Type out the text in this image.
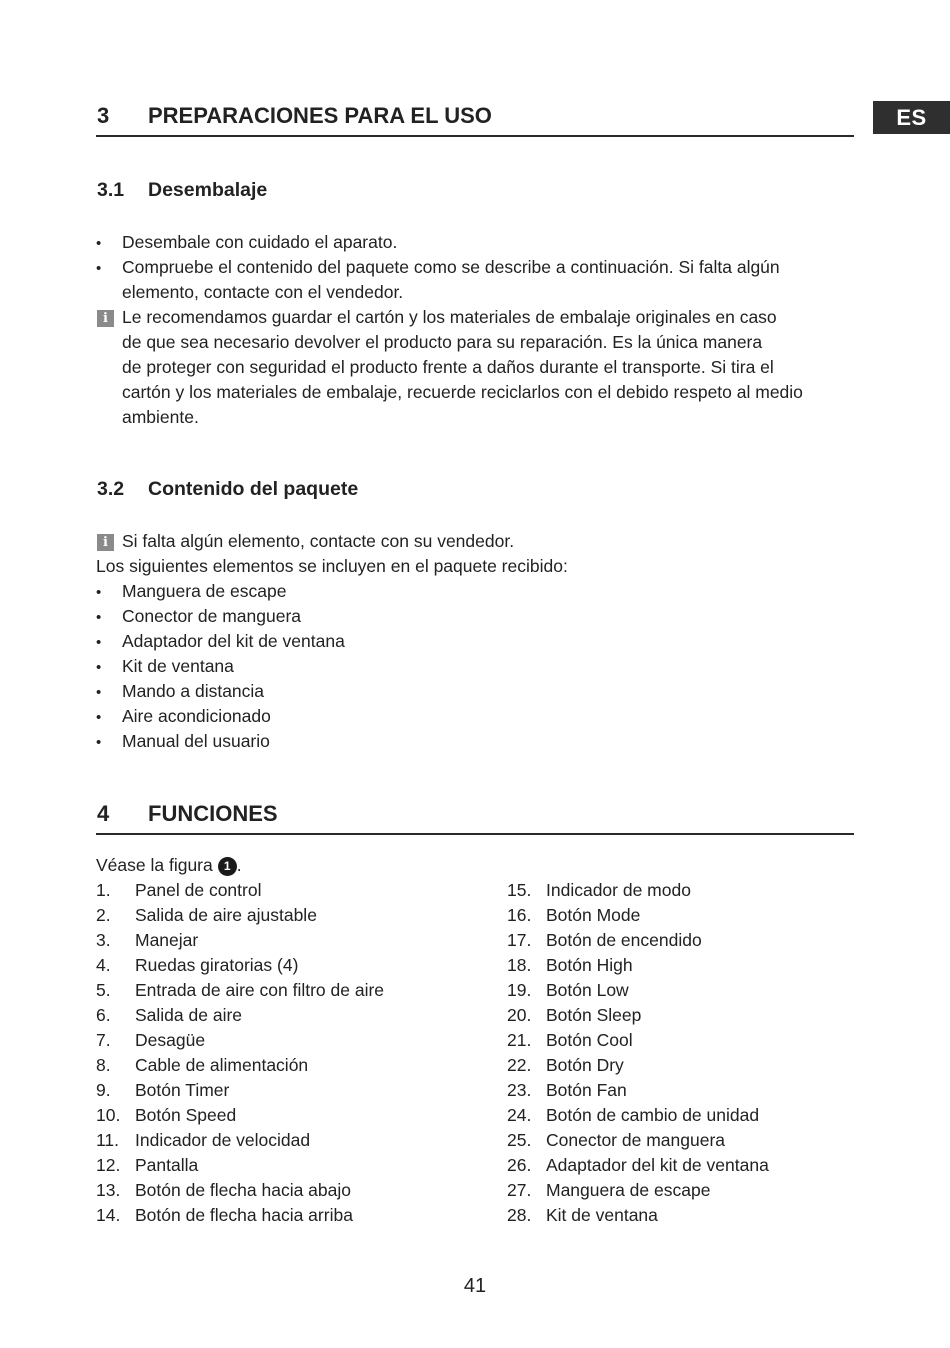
ES
3 PREPARACIONES PARA EL USO
3.1 Desembalaje
• Desembale con cuidado el aparato.
• Compruebe el contenido del paquete como se describe a continuación. Si falta algún
elemento, contacte con el vendedor.
i Le recomendamos guardar el cartón y los materiales de embalaje originales en caso
de que sea necesario devolver el producto para su reparación. Es la única manera
de proteger con seguridad el producto frente a daños durante el transporte. Si tira el
cartón y los materiales de embalaje, recuerde reciclarlos con el debido respeto al medio
ambiente.
3.2 Contenido del paquete
i Si falta algún elemento, contacte con su vendedor.
Los siguientes elementos se incluyen en el paquete recibido:
• Manguera de escape
• Conector de manguera
• Adaptador del kit de ventana
• Kit de ventana
• Mando a distancia
• Aire acondicionado
• Manual del usuario
4 FUNCIONES
Véase la figura 1 .
1. Panel de control
2. Salida de aire ajustable
3. Manejar
4. Ruedas giratorias (4)
5. Entrada de aire con filtro de aire
6. Salida de aire
7. Desagüe
8. Cable de alimentación
9. Botón Timer
10. Botón Speed
11. Indicador de velocidad
12. Pantalla
13. Botón de flecha hacia abajo
14. Botón de flecha hacia arriba
15. Indicador de modo
16. Botón Mode
17. Botón de encendido
18. Botón High
19. Botón Low
20. Botón Sleep
21. Botón Cool
22. Botón Dry
23. Botón Fan
24. Botón de cambio de unidad
25. Conector de manguera
26. Adaptador del kit de ventana
27. Manguera de escape
28. Kit de ventana
41
